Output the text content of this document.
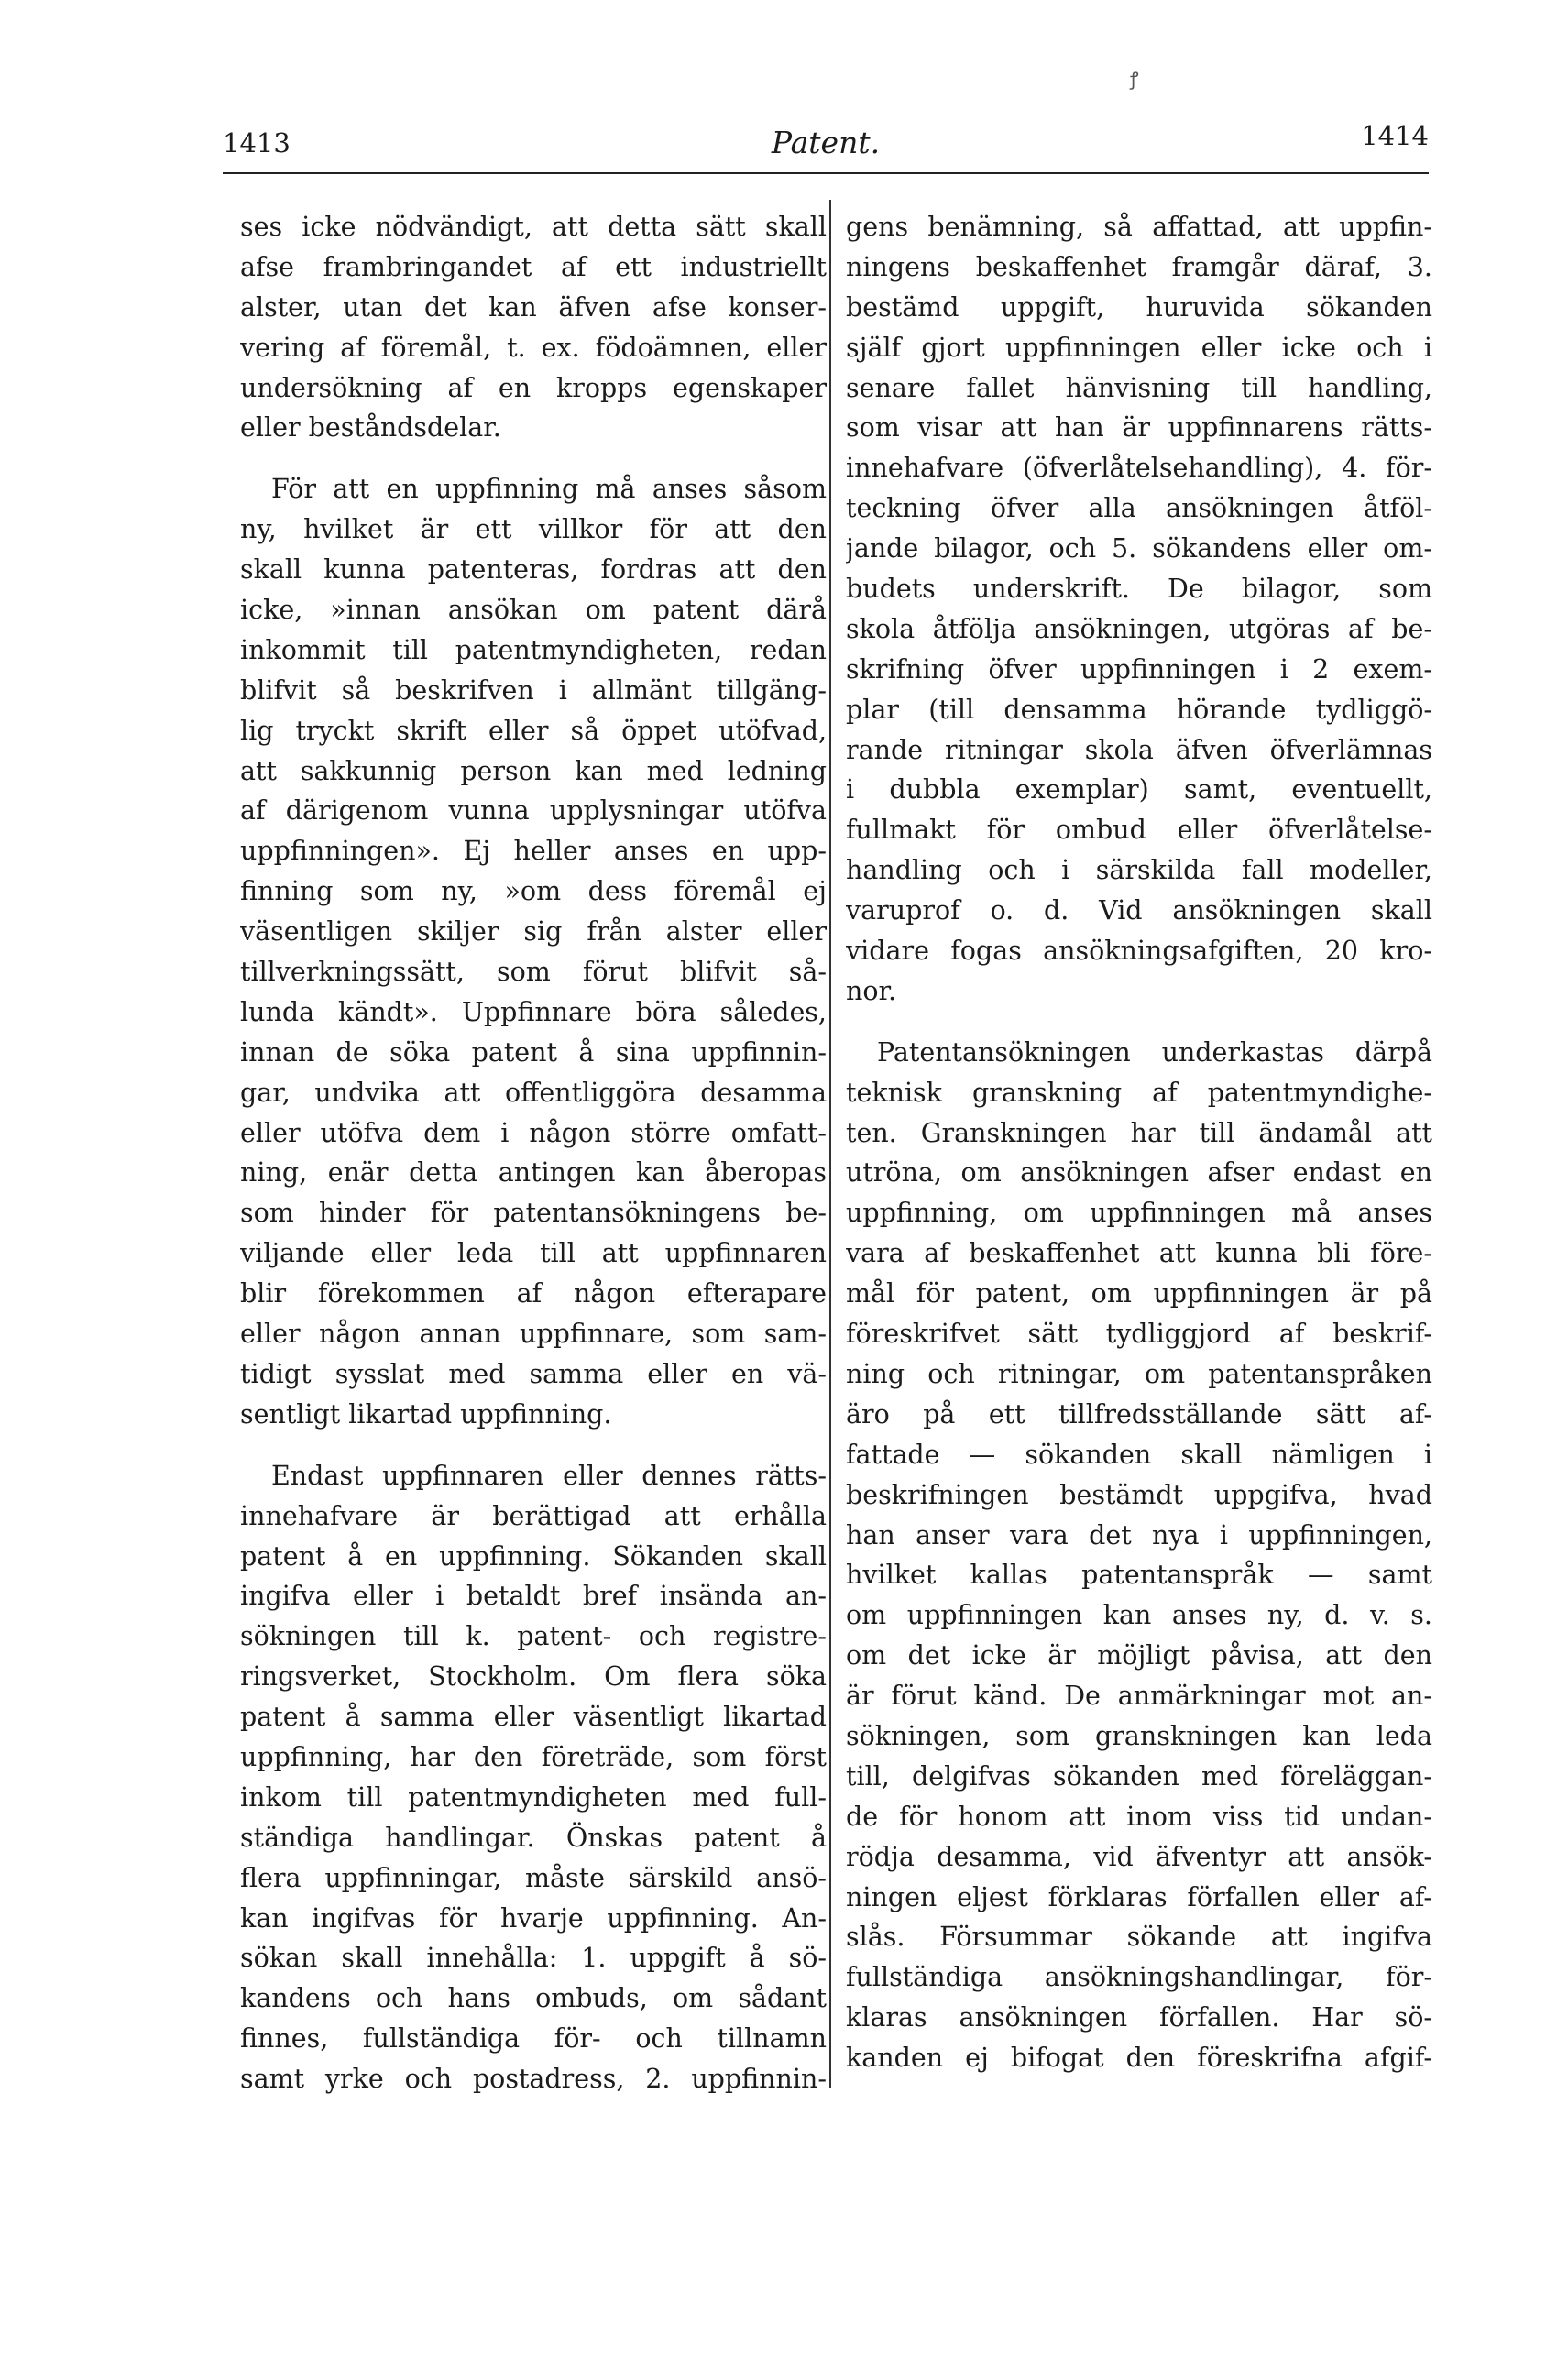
ꝭ
1413	Patent.	1414
ses icke nödvändigt, att detta sätt skall
afse frambringandet af ett industriellt
alster, utan det kan äfven afse konser-
vering af föremål, t. ex. födoämnen, eller
undersökning af en kropps egenskaper
eller beståndsdelar.
För att en uppfinning må anses såsom
ny, hvilket är ett villkor för att den
skall kunna patenteras, fordras att den
icke, »innan ansökan om patent därå
inkommit till patentmyndigheten, redan
blifvit så beskrifven i allmänt tillgäng-
lig tryckt skrift eller så öppet utöfvad,
att sakkunnig person kan med ledning
af därigenom vunna upplysningar utöfva
uppfinningen». Ej heller anses en upp-
finning som ny, »om dess föremål ej
väsentligen skiljer sig från alster eller
tillverkningssätt, som förut blifvit så-
lunda kändt». Uppfinnare böra således,
innan de söka patent å sina uppfinnin-
gar, undvika att offentliggöra desamma
eller utöfva dem i någon större omfatt-
ning, enär detta antingen kan åberopas
som hinder för patentansökningens be-
viljande eller leda till att uppfinnaren
blir förekommen af någon efterapare
eller någon annan uppfinnare, som sam-
tidigt sysslat med samma eller en vä-
sentligt likartad uppfinning.
Endast uppfinnaren eller dennes rätts-
innehafvare är berättigad att erhålla
patent å en uppfinning. Sökanden skall
ingifva eller i betaldt bref insända an-
sökningen till k. patent- och registre-
ringsverket, Stockholm. Om flera söka
patent å samma eller väsentligt likartad
uppfinning, har den företräde, som först
inkom till patentmyndigheten med full-
ständiga handlingar. Önskas patent å
flera uppfinningar, måste särskild ansö-
kan ingifvas för hvarje uppfinning. An-
sökan skall innehålla: 1. uppgift å sö-
kandens och hans ombuds, om sådant
finnes, fullständiga för- och tillnamn
samt yrke och postadress, 2. uppfinnin-
gens benämning, så affattad, att uppfin-
ningens beskaffenhet framgår däraf, 3.
bestämd uppgift, huruvida sökanden
själf gjort uppfinningen eller icke och i
senare fallet hänvisning till handling,
som visar att han är uppfinnarens rätts-
innehafvare (öfverlåtelsehandling), 4. för-
teckning öfver alla ansökningen åtföl-
jande bilagor, och 5. sökandens eller om-
budets underskrift. De bilagor, som
skola åtfölja ansökningen, utgöras af be-
skrifning öfver uppfinningen i 2 exem-
plar (till densamma hörande tydliggö-
rande ritningar skola äfven öfverlämnas
i dubbla exemplar) samt, eventuellt,
fullmakt för ombud eller öfverlåtelse-
handling och i särskilda fall modeller,
varuprof o. d. Vid ansökningen skall
vidare fogas ansökningsafgiften, 20 kro-
nor.
Patentansökningen underkastas därpå
teknisk granskning af patentmyndighe-
ten. Granskningen har till ändamål att
utröna, om ansökningen afser endast en
uppfinning, om uppfinningen må anses
vara af beskaffenhet att kunna bli före-
mål för patent, om uppfinningen är på
föreskrifvet sätt tydliggjord af beskrif-
ning och ritningar, om patentanspråken
äro på ett tillfredsställande sätt af-
fattade — sökanden skall nämligen i
beskrifningen bestämdt uppgifva, hvad
han anser vara det nya i uppfinningen,
hvilket kallas patentanspråk — samt
om uppfinningen kan anses ny, d. v. s.
om det icke är möjligt påvisa, att den
är förut känd. De anmärkningar mot an-
sökningen, som granskningen kan leda
till, delgifvas sökanden med föreläggan-
de för honom att inom viss tid undan-
rödja desamma, vid äfventyr att ansök-
ningen eljest förklaras förfallen eller af-
slås. Försummar sökande att ingifva
fullständiga ansökningshandlingar, för-
klaras ansökningen förfallen. Har sö-
kanden ej bifogat den föreskrifna afgif-
